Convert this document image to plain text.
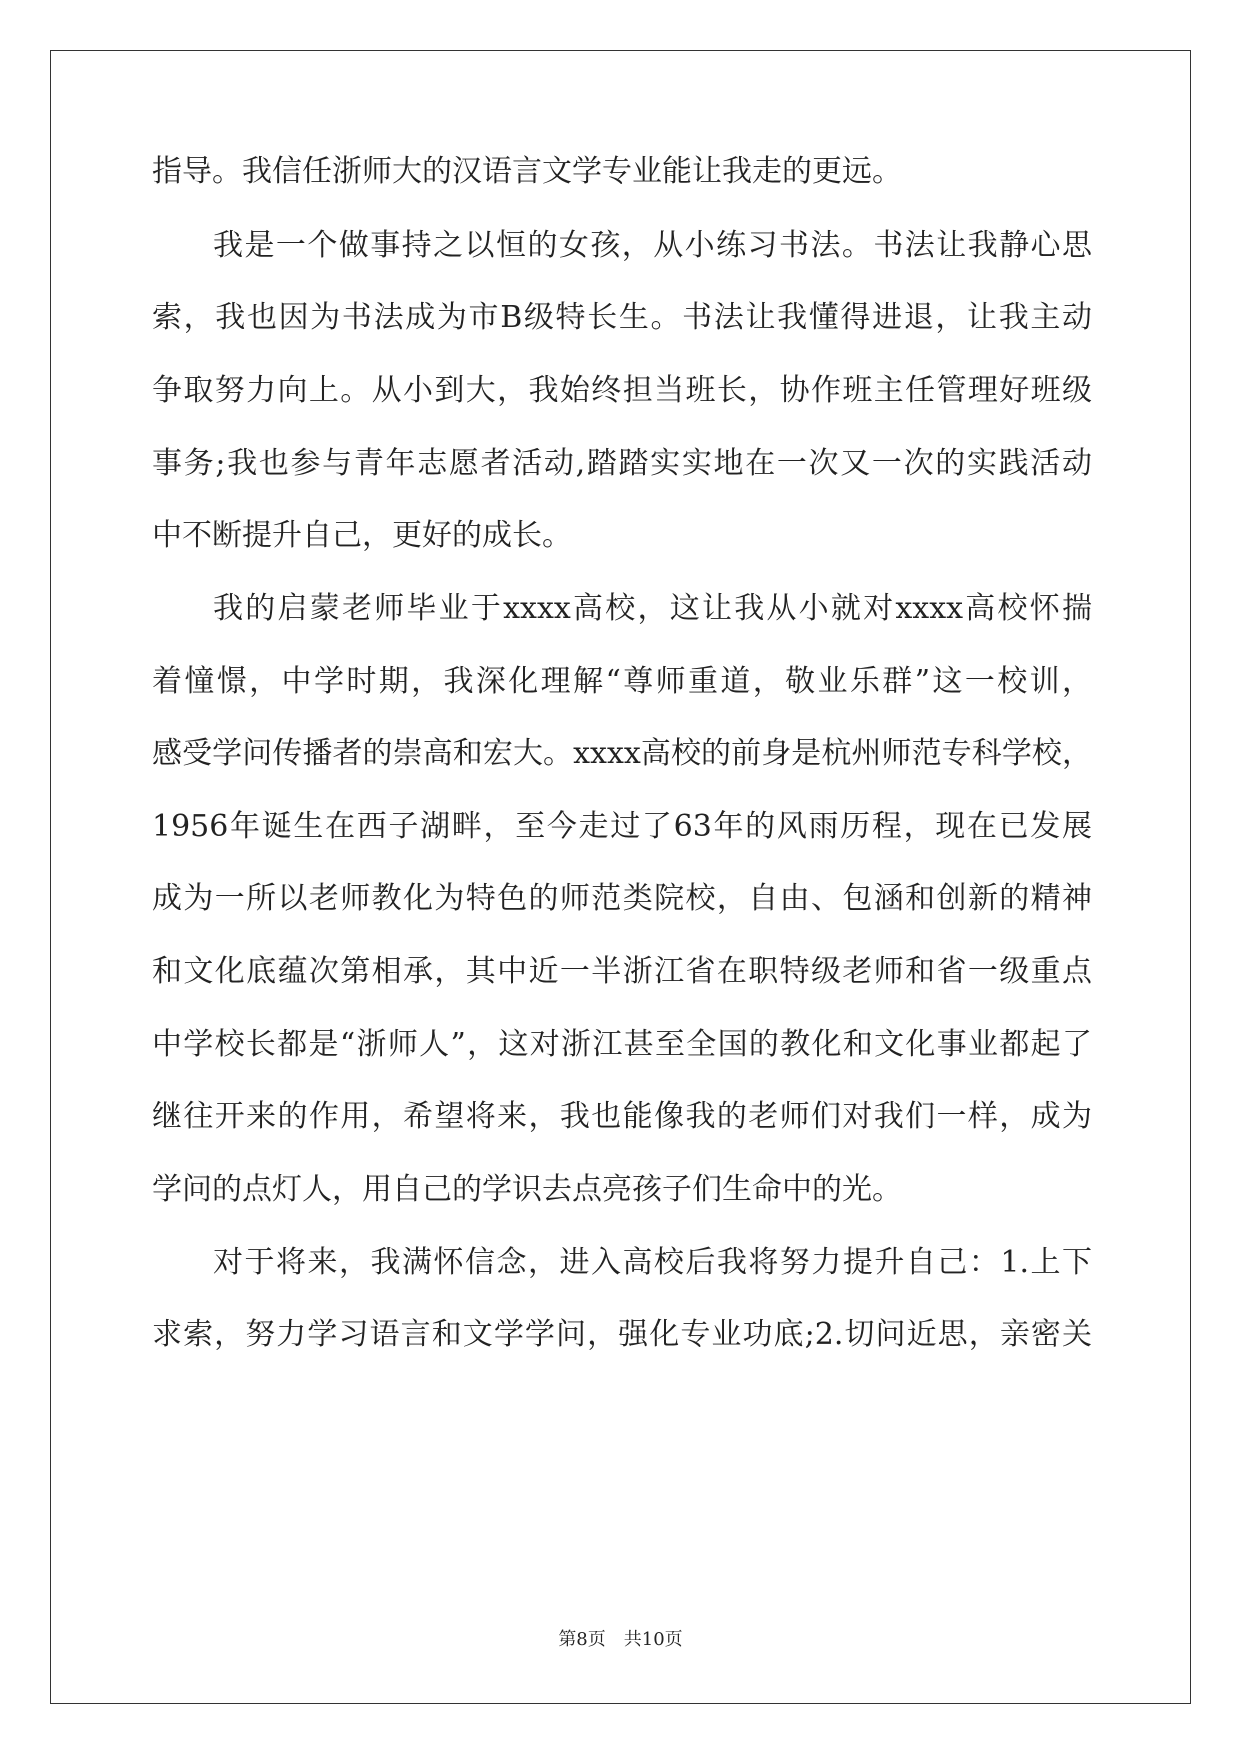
指导。我信任浙师大的汉语言文学专业能让我走的更远。
我是一个做事持之以恒的女孩，从小练习书法。书法让我静心思
索，我也因为书法成为市B级特长生。书法让我懂得进退，让我主动
争取努力向上。从小到大，我始终担当班长，协作班主任管理好班级
事务;我也参与青年志愿者活动,踏踏实实地在一次又一次的实践活动
中不断提升自己，更好的成长。
我的启蒙老师毕业于xxxx高校，这让我从小就对xxxx高校怀揣
着憧憬，中学时期，我深化理解“尊师重道，敬业乐群”这一校训，
感受学问传播者的崇高和宏大。xxxx高校的前身是杭州师范专科学校，
1956年诞生在西子湖畔，至今走过了63年的风雨历程，现在已发展
成为一所以老师教化为特色的师范类院校，自由、包涵和创新的精神
和文化底蕴次第相承，其中近一半浙江省在职特级老师和省一级重点
中学校长都是“浙师人”，这对浙江甚至全国的教化和文化事业都起了
继往开来的作用，希望将来，我也能像我的老师们对我们一样，成为
学问的点灯人，用自己的学识去点亮孩子们生命中的光。
对于将来，我满怀信念，进入高校后我将努力提升自己：1.上下
求索，努力学习语言和文学学问，强化专业功底;2.切问近思，亲密关
第8页　共10页
